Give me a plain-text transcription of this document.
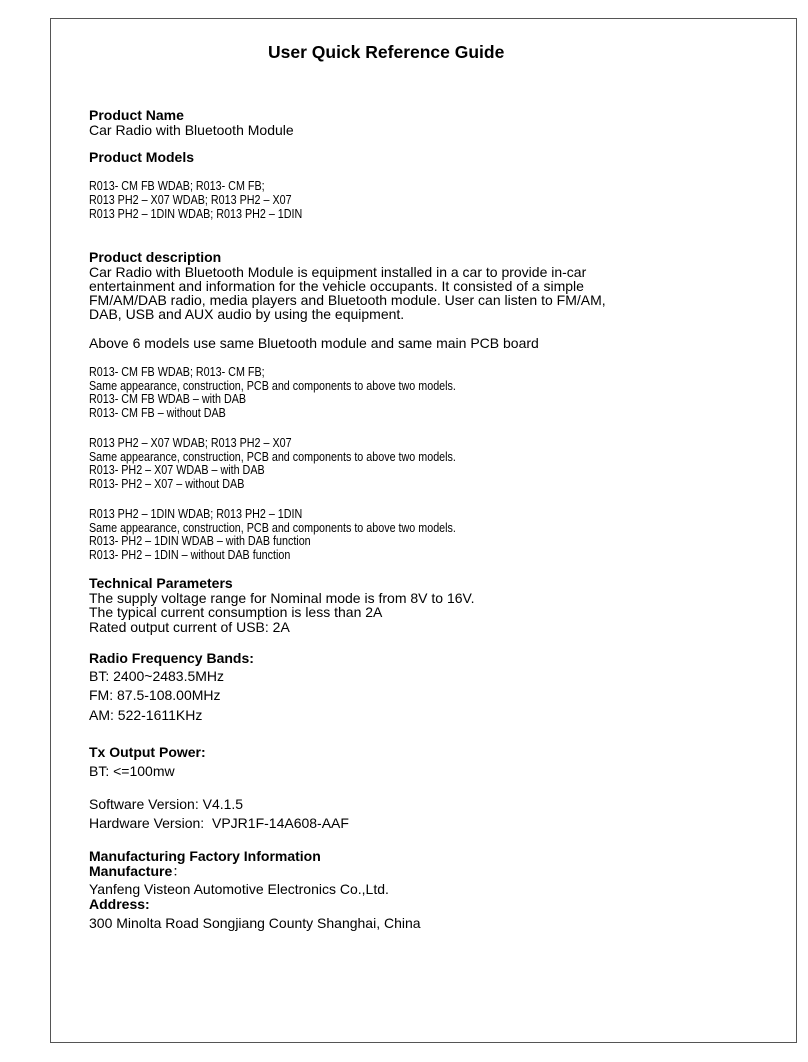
User Quick Reference Guide
Product Name
Car Radio with Bluetooth Module
Product Models
R013- CM FB WDAB; R013- CM FB;
R013 PH2 – X07 WDAB; R013 PH2 – X07
R013 PH2 – 1DIN WDAB; R013 PH2 – 1DIN
Product description
Car Radio with Bluetooth Module is equipment installed in a car to provide in-car
entertainment and information for the vehicle occupants. It consisted of a simple
FM/AM/DAB radio, media players and Bluetooth module. User can listen to FM/AM,
DAB, USB and AUX audio by using the equipment.
Above 6 models use same Bluetooth module and same main PCB board
R013- CM FB WDAB; R013- CM FB;
Same appearance, construction, PCB and components to above two models.
R013- CM FB WDAB – with DAB
R013- CM FB – without DAB
R013 PH2 – X07 WDAB; R013 PH2 – X07
Same appearance, construction, PCB and components to above two models.
R013- PH2 – X07 WDAB – with DAB
R013- PH2 – X07 – without DAB
R013 PH2 – 1DIN WDAB; R013 PH2 – 1DIN
Same appearance, construction, PCB and components to above two models.
R013- PH2 – 1DIN WDAB – with DAB function
R013- PH2 – 1DIN – without DAB function
Technical Parameters
The supply voltage range for Nominal mode is from 8V to 16V.
The typical current consumption is less than 2A
Rated output current of USB: 2A
Radio Frequency Bands:
BT: 2400~2483.5MHz
FM: 87.5-108.00MHz
AM: 522-1611KHz
Tx Output Power:
BT: <=100mw
Software Version: V4.1.5
Hardware Version: VPJR1F-14A608-AAF
Manufacturing Factory Information
Manufacture：
Yanfeng Visteon Automotive Electronics Co.,Ltd.
Address:
300 Minolta Road Songjiang County Shanghai, China
